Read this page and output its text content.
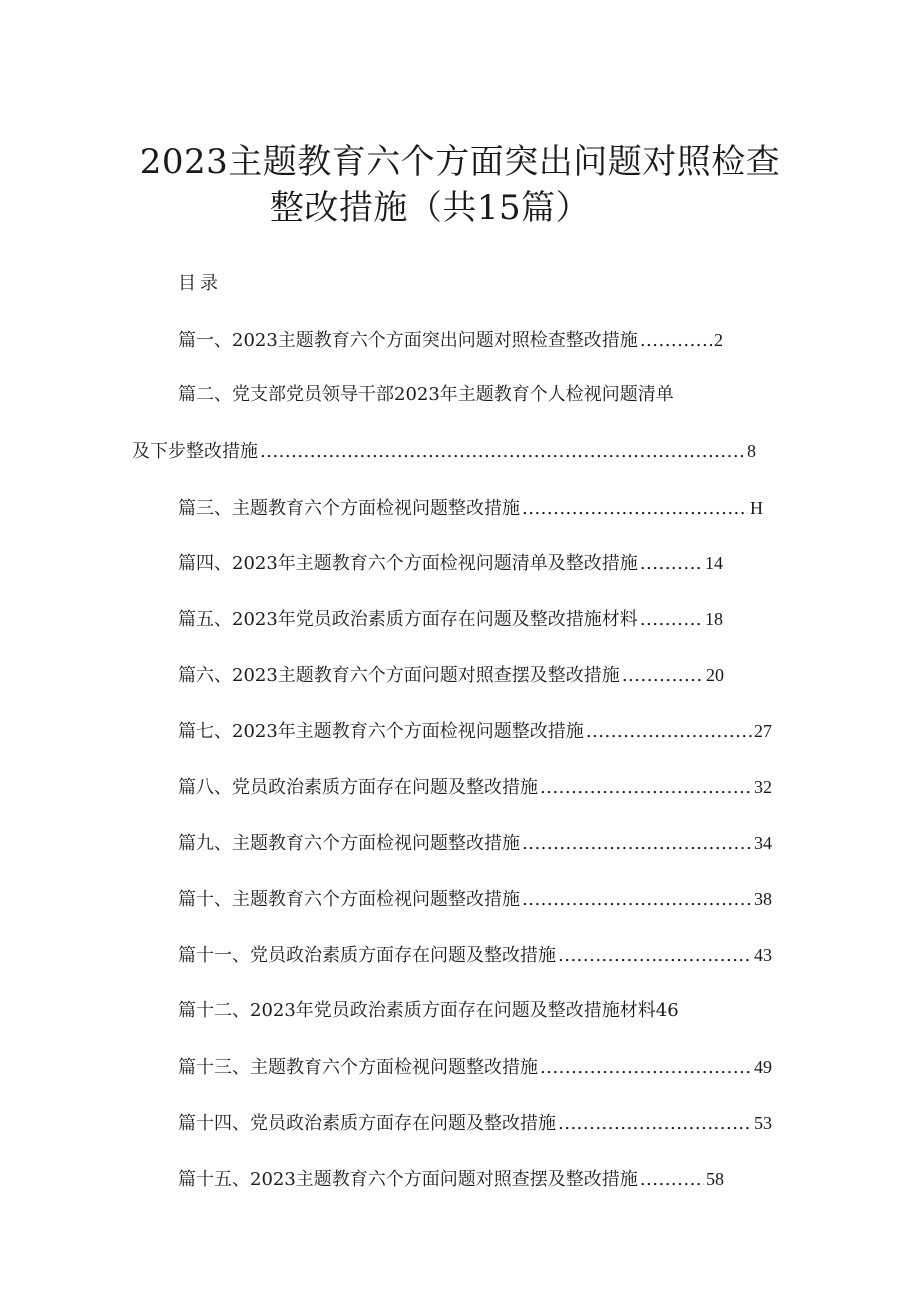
2023主题教育六个方面突出问题对照检查
整改措施（共15篇）
目录
篇一、2023主题教育六个方面突出问题对照检查整改措施 .....	2
篇二、党支部党员领导干部2023年主题教育个人检视问题清单
及下步整改措施 .....	8
篇三、主题教育六个方面检视问题整改措施 .....	H
篇四、2023年主题教育六个方面检视问题清单及整改措施 .....	14
篇五、2023年党员政治素质方面存在问题及整改措施材料 .....	18
篇六、2023主题教育六个方面问题对照查摆及整改措施 .....	20
篇七、2023年主题教育六个方面检视问题整改措施 .....	27
篇八、党员政治素质方面存在问题及整改措施 .....	32
篇九、主题教育六个方面检视问题整改措施 .....	34
篇十、主题教育六个方面检视问题整改措施 .....	38
篇十一、党员政治素质方面存在问题及整改措施 .....	43
篇十二、2023年党员政治素质方面存在问题及整改措施材料46
篇十三、主题教育六个方面检视问题整改措施 .....	49
篇十四、党员政治素质方面存在问题及整改措施 .....	53
篇十五、2023主题教育六个方面问题对照查摆及整改措施 .....	58
